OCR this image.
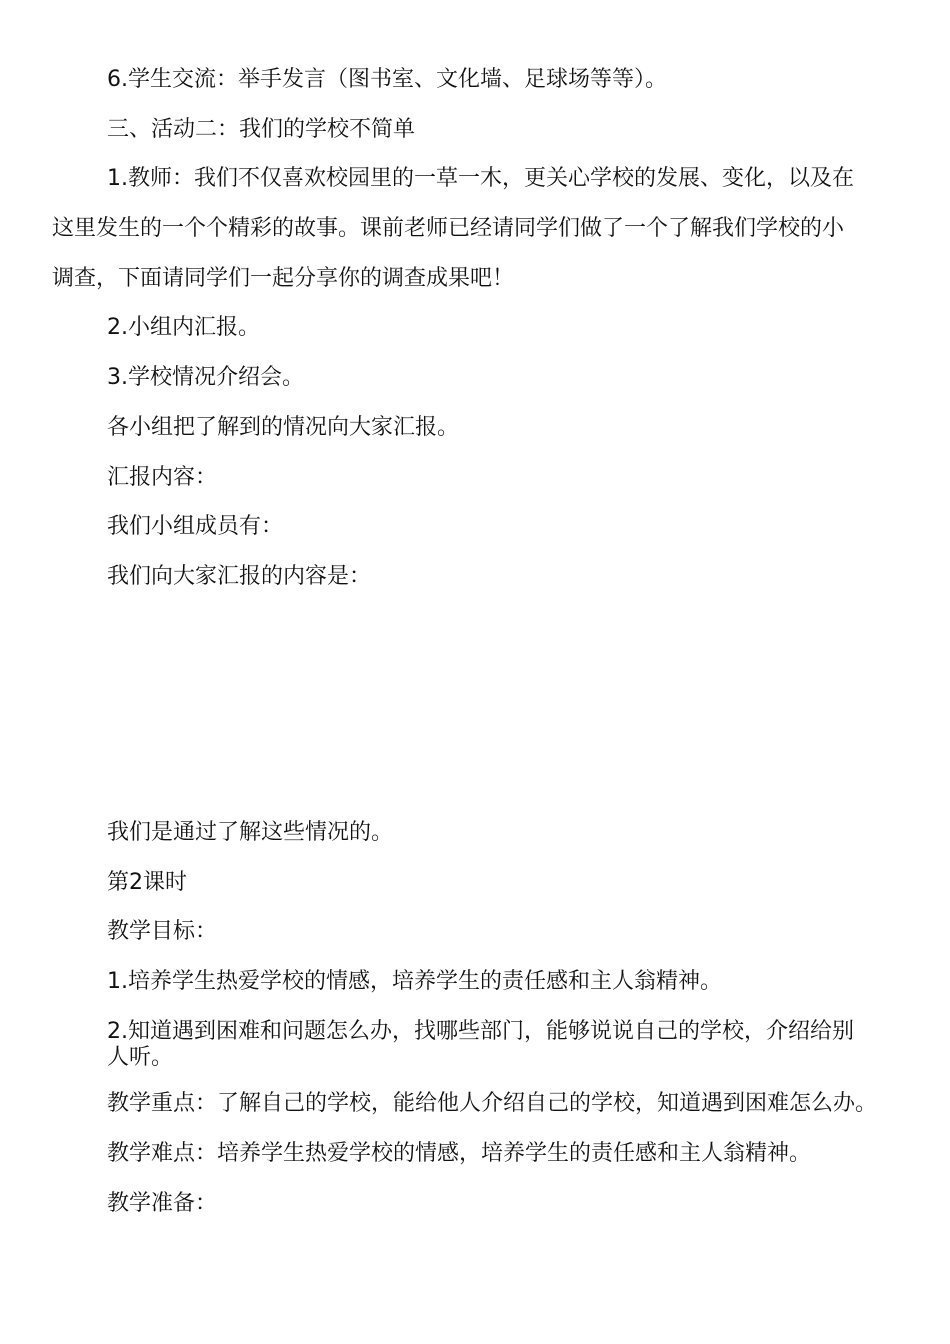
6.学生交流：举手发言（图书室、文化墙、足球场等等）。

三、活动二：我们的学校不简单

1.教师：我们不仅喜欢校园里的一草一木，更关心学校的发展、变化，以及在

这里发生的一个个精彩的故事。课前老师已经请同学们做了一个了解我们学校的小

调查，下面请同学们一起分享你的调查成果吧！

2.小组内汇报。

3.学校情况介绍会。

各小组把了解到的情况向大家汇报。

汇报内容：

我们小组成员有：

我们向大家汇报的内容是：

我们是通过了解这些情况的。

第2课时

教学目标：

1.培养学生热爱学校的情感，培养学生的责任感和主人翁精神。

2.知道遇到困难和问题怎么办，找哪些部门，能够说说自己的学校，介绍给别

人听。

教学重点：了解自己的学校，能给他人介绍自己的学校，知道遇到困难怎么办。

教学难点：培养学生热爱学校的情感，培养学生的责任感和主人翁精神。

教学准备：
